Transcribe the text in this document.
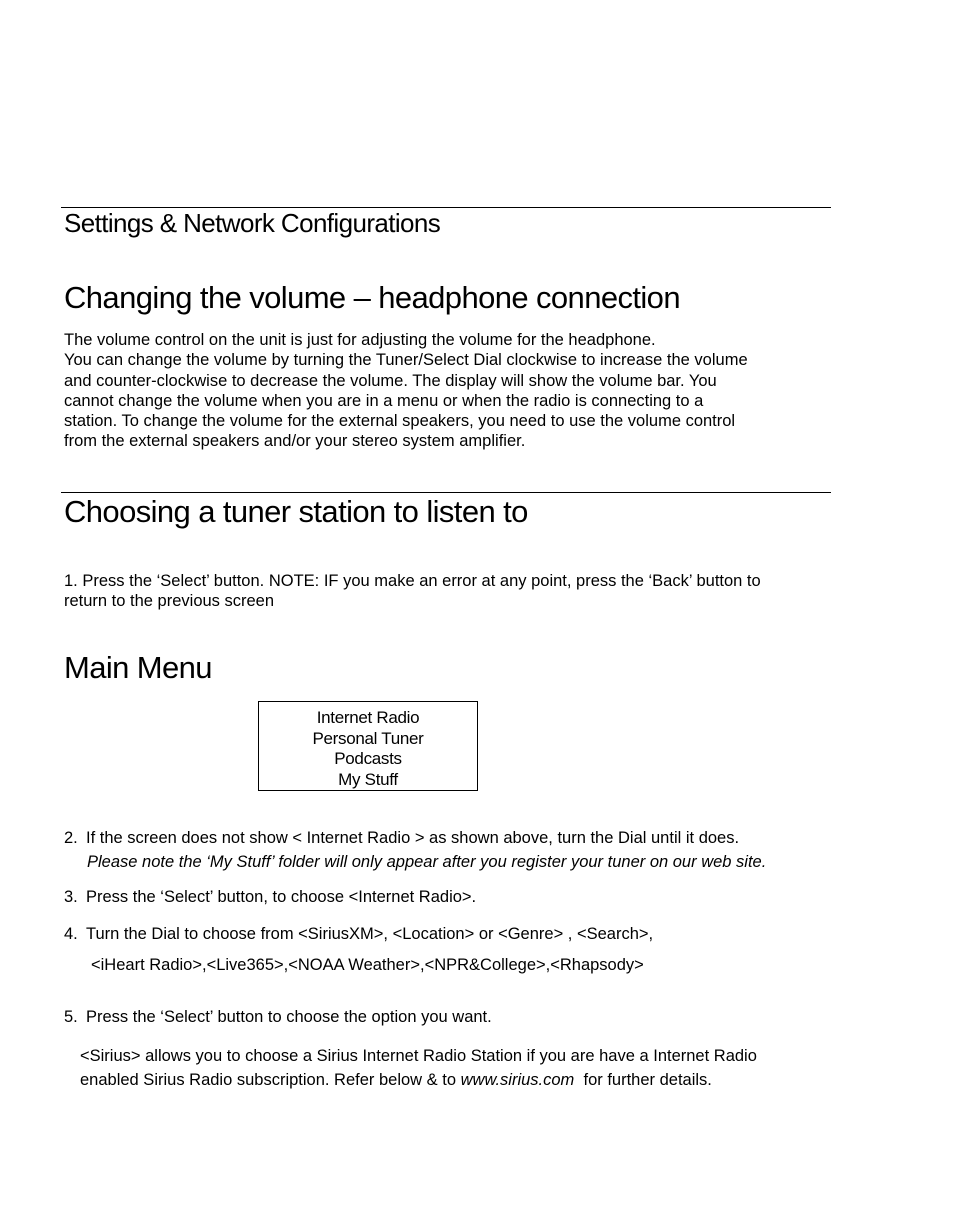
Settings & Network Configurations
Changing the volume – headphone connection
The volume control on the unit is just for adjusting the volume for the headphone.
You can change the volume by turning the Tuner/Select Dial clockwise to increase the volume
and counter-clockwise to decrease the volume. The display will show the volume bar. You
cannot change the volume when you are in a menu or when the radio is connecting to a
station. To change the volume for the external speakers, you need to use the volume control
from the external speakers and/or your stereo system amplifier.
Choosing a tuner station to listen to
1. Press the ‘Select’ button. NOTE: IF you make an error at any point, press the ‘Back’ button to
return to the previous screen
Main Menu
Internet Radio
Personal Tuner
Podcasts
My Stuff
2. If the screen does not show < Internet Radio > as shown above, turn the Dial until it does.
Please note the ‘My Stuff’ folder will only appear after you register your tuner on our web site.
3. Press the ‘Select’ button, to choose <Internet Radio>.
4. Turn the Dial to choose from <SiriusXM>, <Location> or <Genre> , <Search>,
<iHeart Radio>,<Live365>,<NOAA Weather>,<NPR&College>,<Rhapsody>
5. Press the ‘Select’ button to choose the option you want.
<Sirius> allows you to choose a Sirius Internet Radio Station if you are have a Internet Radio
enabled Sirius Radio subscription. Refer below & to www.sirius.com  for further details.
